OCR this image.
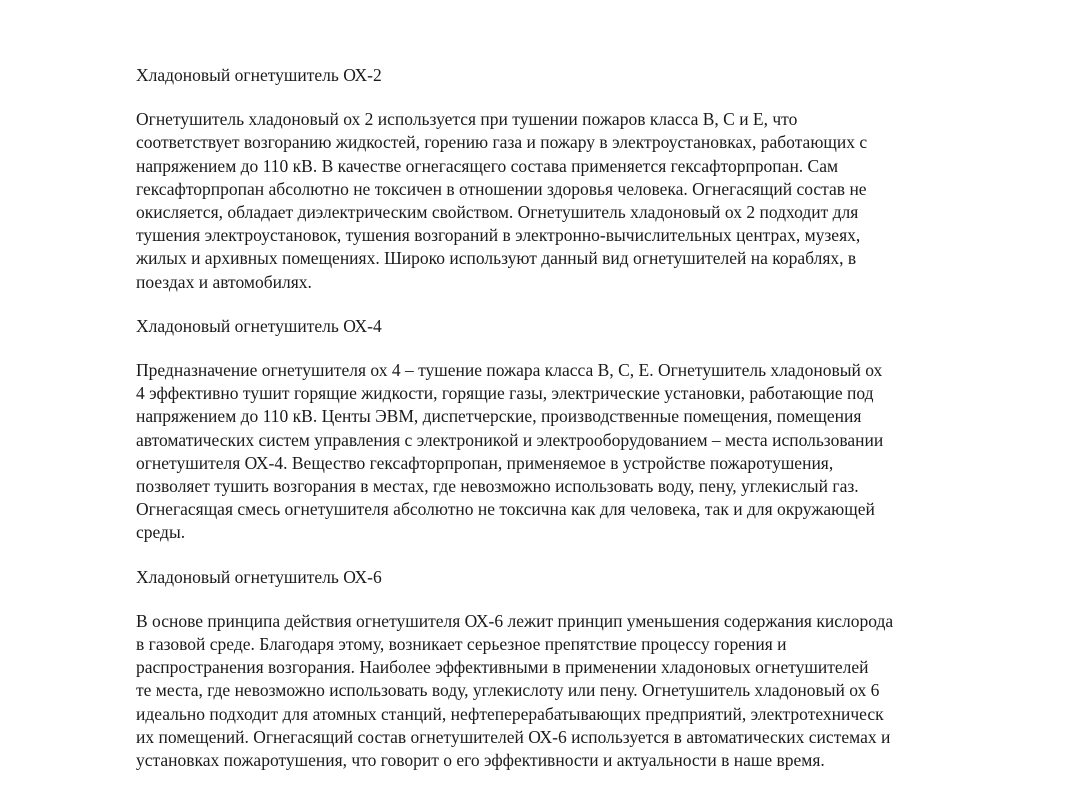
Хладоновый огнетушитель ОХ-2

Огнетушитель хладоновый ох 2 используется при тушении пожаров класса В, С и Е, что
соответствует возгоранию жидкостей, горению газа и пожару в электроустановках, работающих с
напряжением до 110 кВ. В качестве огнегасящего состава применяется гексафторпропан. Сам
гексафторпропан абсолютно не токсичен в отношении здоровья человека. Огнегасящий состав не
окисляется, обладает диэлектрическим свойством. Огнетушитель хладоновый ох 2 подходит для
тушения электроустановок, тушения возгораний в электронно-вычислительных центрах, музеях,
жилых и архивных помещениях. Широко используют данный вид огнетушителей на кораблях, в
поездах и автомобилях.

Хладоновый огнетушитель ОХ-4

Предназначение огнетушителя ох 4 – тушение пожара класса В, С, Е. Огнетушитель хладоновый ох
4 эффективно тушит горящие жидкости, горящие газы, электрические установки, работающие под
напряжением до 110 кВ. Центы ЭВМ, диспетчерские, производственные помещения, помещения
автоматических систем управления с электроникой и электрооборудованием – места использовании
огнетушителя ОХ-4. Вещество гексафторпропан, применяемое в устройстве пожаротушения,
позволяет тушить возгорания в местах, где невозможно использовать воду, пену, углекислый газ.
Огнегасящая смесь огнетушителя абсолютно не токсична как для человека, так и для окружающей
среды.

Хладоновый огнетушитель ОХ-6

В основе принципа действия огнетушителя ОХ-6 лежит принцип уменьшения содержания кислорода
в газовой среде. Благодаря этому, возникает серьезное препятствие процессу горения и
распространения возгорания. Наиболее эффективными в применении хладоновых огнетушителей
те места, где невозможно использовать воду, углекислоту или пену. Огнетушитель хладоновый ох 6
идеально подходит для атомных станций, нефтеперерабатывающих предприятий, электротехническ
их помещений. Огнегасящий состав огнетушителей ОХ-6 используется в автоматических системах и
установках пожаротушения, что говорит о его эффективности и актуальности в наше время.
